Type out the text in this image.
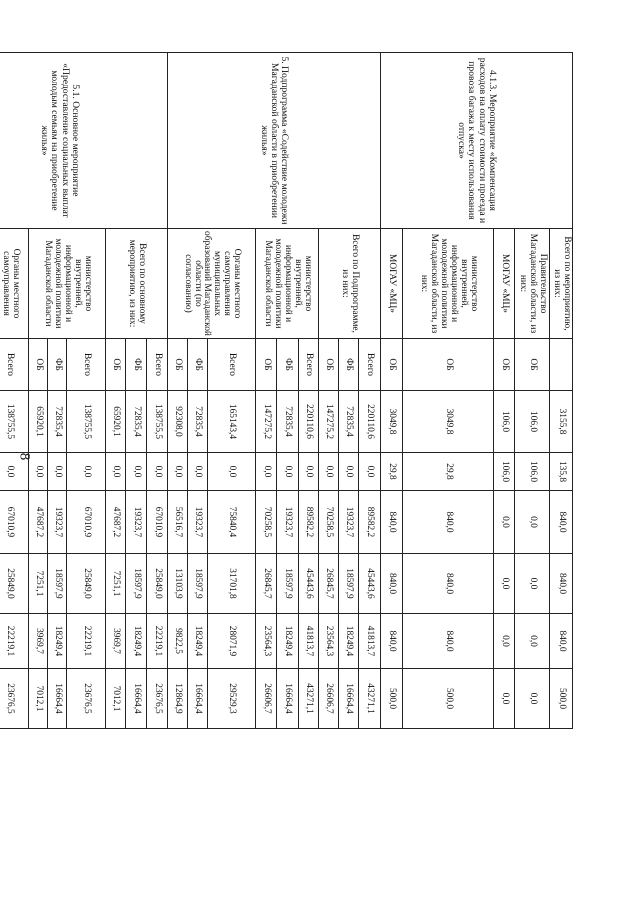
8
4.1.3. Мероприятие «Компенсация расходов на оплату стоимости проезда и провоза багажа к месту использования отпуска»	Всего по мероприятию, из них:		3155,8	135,8	840,0	840,0	840,0	500,0
	Правительство Магаданской области, из них:	ОБ	106,0	106,0	0,0	0,0	0,0	0,0
	МОГАУ «МЦ»	ОБ	106,0	106,0	0,0	0,0	0,0	0,0
	министерство внутренней, информационной и молодежной политики Магаданской области, из них:	ОБ	3049,8	29,8	840,0	840,0	840,0	500,0
	МОГАУ «МЦ»	ОБ	3049,8	29,8	840,0	840,0	840,0	500,0
5. Подпрограмма «Содействие молодежи Магаданской области в приобретении жилья»	Всего по Подпрограмме, из них:	Всего	220110,6	0,0	89582,2	45443,6	41813,7	43271,1
		ФБ	72835,4	0,0	19323,7	18597,9	18249,4	16664,4
		ОБ	147275,2	0,0	70258,5	26845,7	23564,3	26606,7
	министерство внутренней, информационной и молодежной политики Магаданской области	Всего	220110,6	0,0	89582,2	45443,6	41813,7	43271,1
		ФБ	72835,4	0,0	19323,7	18597,9	18249,4	16664,4
		ОБ	147275,2	0,0	70258,5	26845,7	23564,3	26606,7
	Органы местного самоуправления муниципальных образований Магаданской области (по согласованию)	Всего	165143,4	0,0	75840,4	31701,8	28071,9	29529,3
		ФБ	72835,4	0,0	19323,7	18597,9	18249,4	16664,4
		ОБ	92308,0	0,0	56516,7	13103,9	9822,5	12864,9
5.1. Основное мероприятие «Предоставление социальных выплат молодым семьям на приобретение жилья»	Всего по основному мероприятию, из них:	Всего	138755,5	0,0	67010,9	25849,0	22219,1	23676,5
		ФБ	72835,4	0,0	19323,7	18597,9	18249,4	16664,4
		ОБ	65920,1	0,0	47687,2	7251,1	3969,7	7012,1
	министерство внутренней, информационной и молодежной политики Магаданской области	Всего	138755,5	0,0	67010,9	25849,0	22219,1	23676,5
		ФБ	72835,4	0,0	19323,7	18597,9	18249,4	16664,4
		ОБ	65920,1	0,0	47687,2	7251,1	3969,7	7012,1
	Органы местного самоуправления	Всего	138755,5	0,0	67010,9	25849,0	22219,1	23676,5
